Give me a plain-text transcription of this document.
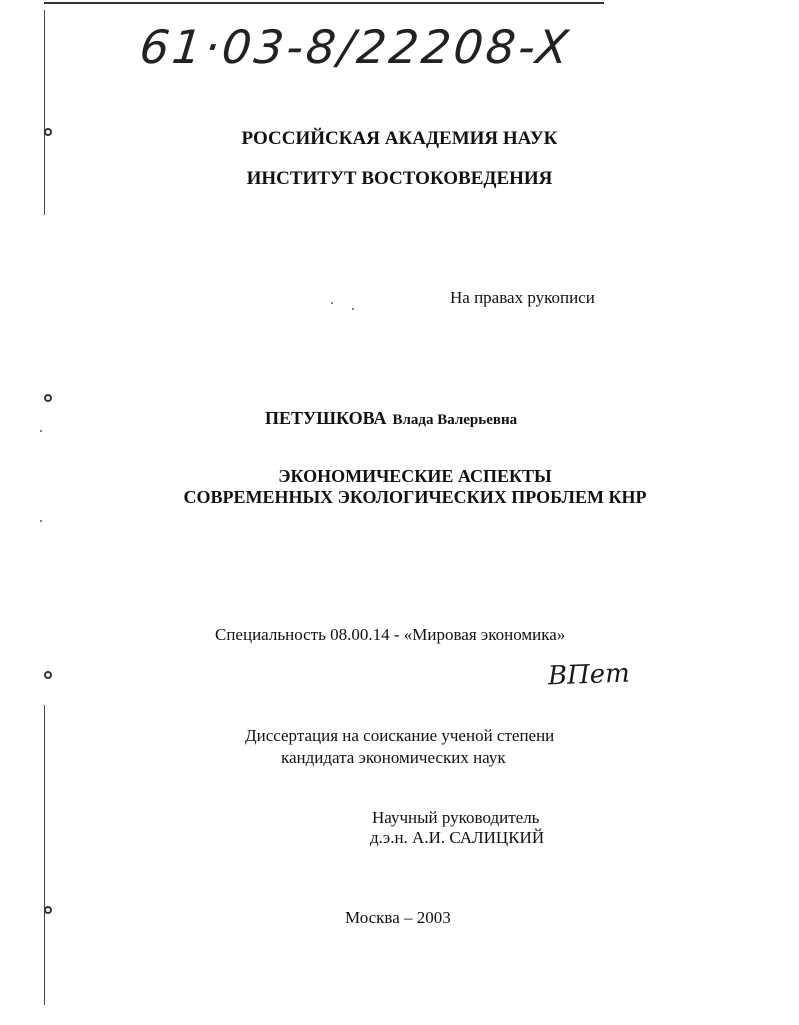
61·03-8/22208-X
РОССИЙСКАЯ АКАДЕМИЯ НАУК
ИНСТИТУТ ВОСТОКОВЕДЕНИЯ
На правах рукописи
ПЕТУШКОВА Влада Валерьевна
ЭКОНОМИЧЕСКИЕ АСПЕКТЫ
СОВРЕМЕННЫХ ЭКОЛОГИЧЕСКИХ ПРОБЛЕМ КНР
Специальность 08.00.14 - «Мировая экономика»
ВПет
Диссертация на соискание ученой степени
кандидата экономических наук
Научный руководитель
д.э.н. А.И. САЛИЦКИЙ
Москва – 2003
